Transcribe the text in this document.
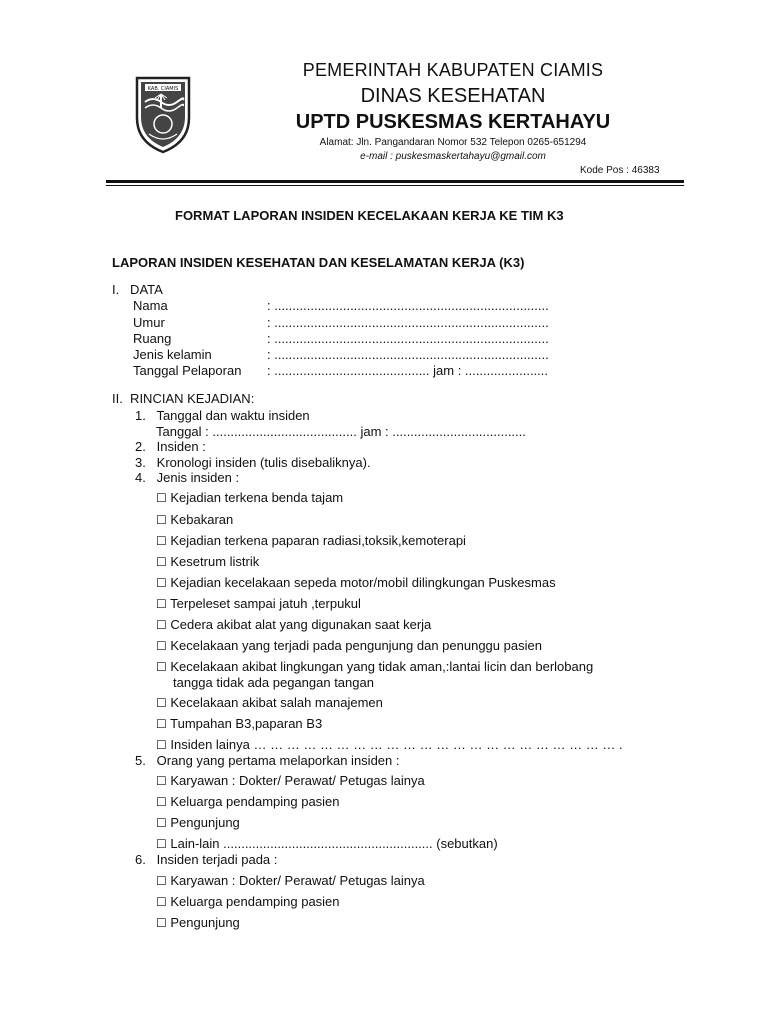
KAB. CIAMIS
PEMERINTAH KABUPATEN CIAMIS
DINAS KESEHATAN
UPTD PUSKESMAS KERTAHAYU
Alamat: Jln. Pangandaran Nomor 532 Telepon 0265-651294
e-mail : puskesmaskertahayu@gmail.com
Kode Pos : 46383
FORMAT LAPORAN INSIDEN KECELAKAAN KERJA KE TIM K3
LAPORAN INSIDEN KESEHATAN DAN KESELAMATAN KERJA (K3)
I.   DATA
Nama	: ............................................................................
Umur	: ............................................................................
Ruang	: ............................................................................
Jenis kelamin	: ............................................................................
Tanggal Pelaporan : ........................................... jam : .......................
II.  RINCIAN KEJADIAN:
1.   Tanggal dan waktu insiden
Tanggal : ........................................ jam : .....................................
2.   Insiden :
3.   Kronologi insiden (tulis disebaliknya).
4.   Jenis insiden :
☐ Kejadian terkena benda tajam
☐ Kebakaran
☐ Kejadian terkena paparan radiasi,toksik,kemoterapi
☐ Kesetrum listrik
☐ Kejadian kecelakaan sepeda motor/mobil dilingkungan Puskesmas
☐ Terpeleset sampai jatuh ,terpukul
☐ Cedera akibat alat yang digunakan saat kerja
☐ Kecelakaan yang terjadi pada pengunjung dan penunggu pasien
☐ Kecelakaan akibat lingkungan yang tidak aman,:lantai licin dan berlobang
tangga tidak ada pegangan tangan
☐ Kecelakaan akibat salah manajemen
☐ Tumpahan B3,paparan B3
☐ Insiden lainya … … … … … … … … … … … … … … … … … … … … … … .
5.   Orang yang pertama melaporkan insiden :
☐ Karyawan : Dokter/ Perawat/ Petugas lainya
☐ Keluarga pendamping pasien
☐ Pengunjung
☐ Lain-lain .......................................................... (sebutkan)
6.   Insiden terjadi pada :
☐ Karyawan : Dokter/ Perawat/ Petugas lainya
☐ Keluarga pendamping pasien
☐ Pengunjung
